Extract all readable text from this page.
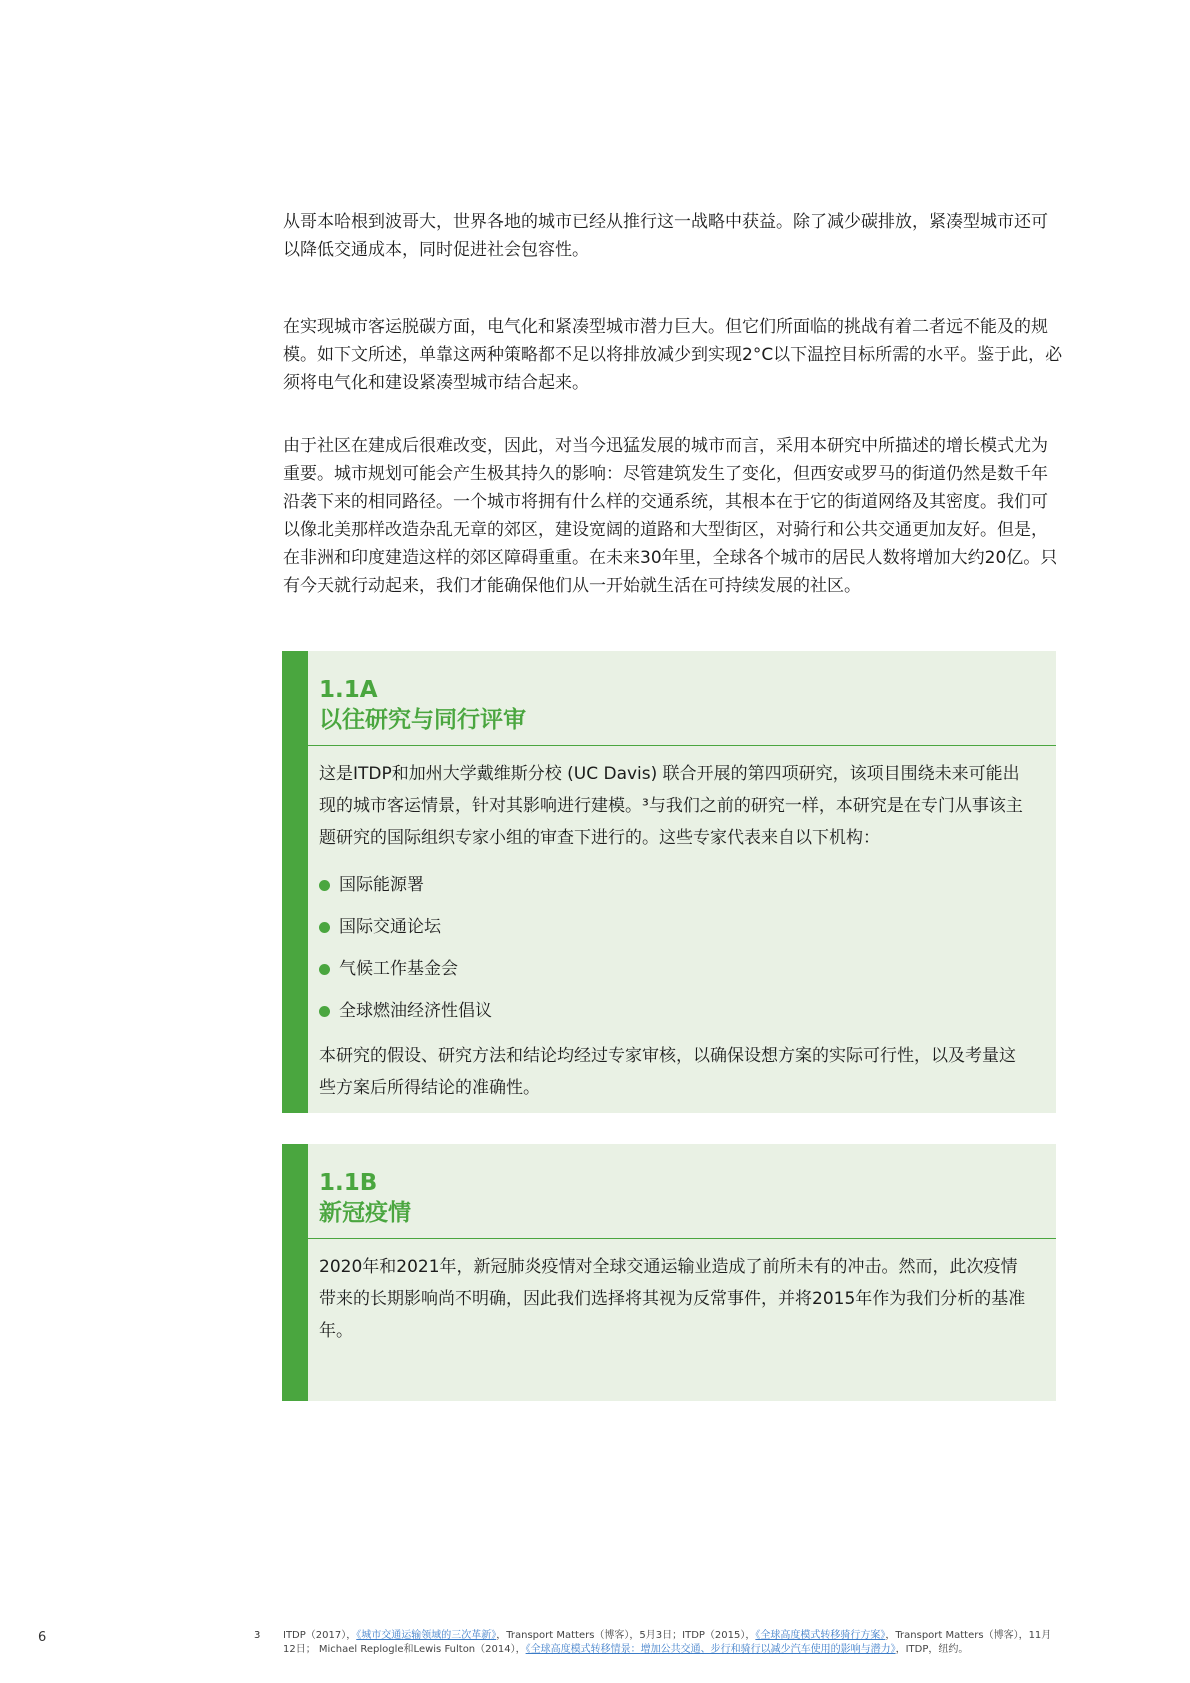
从哥本哈根到波哥大，世界各地的城市已经从推行这一战略中获益。除了减少碳排放，紧凑型城市还可以降低交通成本，同时促进社会包容性。

在实现城市客运脱碳方面，电气化和紧凑型城市潜力巨大。但它们所面临的挑战有着二者远不能及的规模。如下文所述，单靠这两种策略都不足以将排放减少到实现2°C以下温控目标所需的水平。鉴于此，必须将电气化和建设紧凑型城市结合起来。

由于社区在建成后很难改变，因此，对当今迅猛发展的城市而言，采用本研究中所描述的增长模式尤为重要。城市规划可能会产生极其持久的影响：尽管建筑发生了变化，但西安或罗马的街道仍然是数千年沿袭下来的相同路径。一个城市将拥有什么样的交通系统，其根本在于它的街道网络及其密度。我们可以像北美那样改造杂乱无章的郊区，建设宽阔的道路和大型街区，对骑行和公共交通更加友好。但是，在非洲和印度建造这样的郊区障碍重重。在未来30年里，全球各个城市的居民人数将增加大约20亿。只有今天就行动起来，我们才能确保他们从一开始就生活在可持续发展的社区。

1.1A
以往研究与同行评审

这是ITDP和加州大学戴维斯分校 (UC Davis) 联合开展的第四项研究，该项目围绕未来可能出现的城市客运情景，针对其影响进行建模。³与我们之前的研究一样，本研究是在专门从事该主题研究的国际组织专家小组的审查下进行的。这些专家代表来自以下机构：

国际能源署
国际交通论坛
气候工作基金会
全球燃油经济性倡议

本研究的假设、研究方法和结论均经过专家审核，以确保设想方案的实际可行性，以及考量这些方案后所得结论的准确性。

1.1B
新冠疫情

2020年和2021年，新冠肺炎疫情对全球交通运输业造成了前所未有的冲击。然而，此次疫情带来的长期影响尚不明确，因此我们选择将其视为反常事件，并将2015年作为我们分析的基准年。

6	3 ITDP（2017），《城市交通运输领域的三次革新》，Transport Matters（博客），5月3日；ITDP（2015），《全球高度模式转移骑行方案》，Transport Matters（博客），11月12日； Michael Replogle和Lewis Fulton（2014），《全球高度模式转移情景：增加公共交通、步行和骑行以减少汽车使用的影响与潜力》，ITDP，纽约。
